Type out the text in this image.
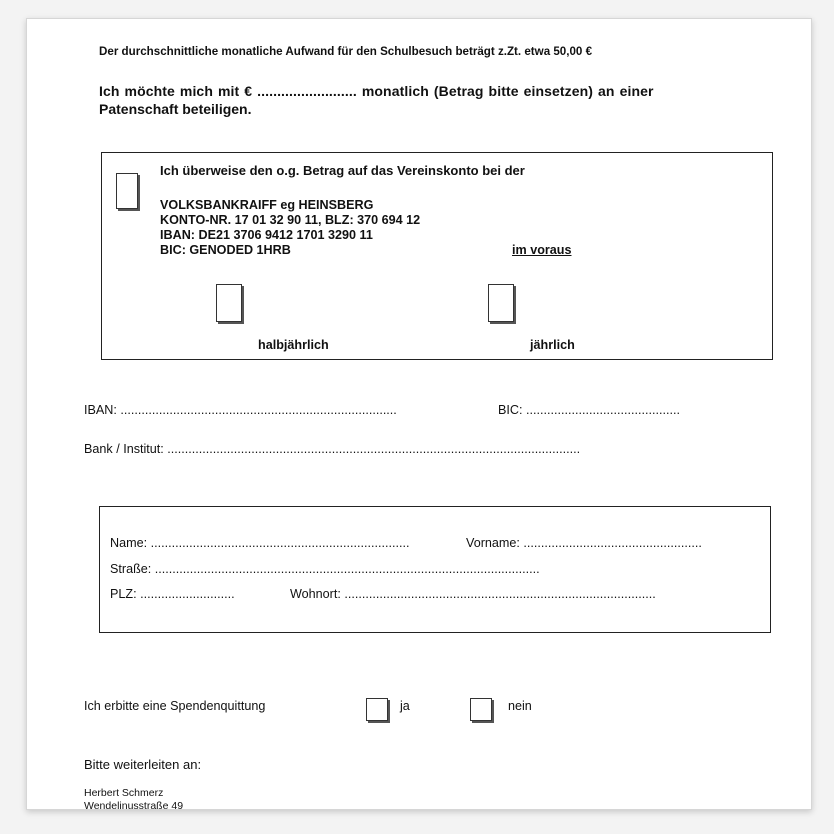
Der durchschnittliche monatliche Aufwand für den Schulbesuch beträgt z.Zt. etwa 50,00 €
Ich möchte mich mit € ......................... monatlich (Betrag bitte einsetzen) an einer
Patenschaft beteiligen.
Ich überweise den o.g. Betrag auf das Vereinskonto bei der
VOLKSBANKRAIFF eg HEINSBERG
KONTO-NR. 17 01 32 90 11, BLZ: 370 694 12
IBAN: DE21 3706 9412 1701 3290 11
BIC: GENODED 1HRB	im voraus
halbjährlich	jährlich
IBAN: ...............................................................................	BIC: ............................................
Bank / Institut: ......................................................................................................................
Name: ..........................................................................	Vorname: ...................................................
Straße: ..............................................................................................................
PLZ: ...........................	Wohnort: .........................................................................................
Ich erbitte eine Spendenquittung	ja	nein
Bitte weiterleiten an:
Herbert Schmerz
Wendelinusstraße 49
